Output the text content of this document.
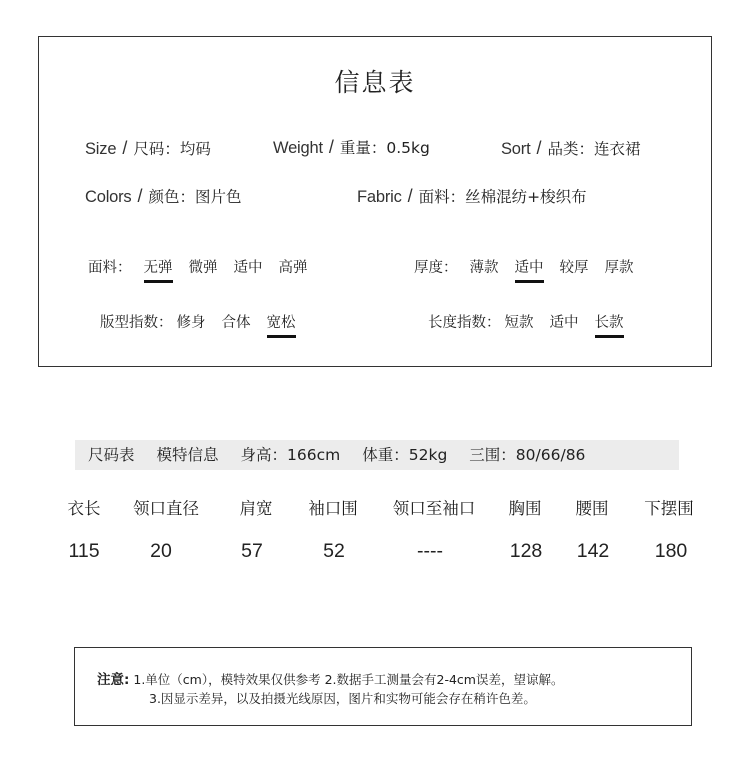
信息表
Size / 尺码：均码	Weight / 重量：0.5kg	Sort / 品类：连衣裙
Colors / 颜色：图片色	Fabric / 面料：丝棉混纺+梭织布
面料： 无弹 微弹 适中 高弹	厚度： 薄款 适中 较厚 厚款
版型指数： 修身 合体 宽松	长度指数： 短款 适中 长款
尺码表 模特信息 身高：166cm 体重：52kg 三围：80/66/86
衣长 领口直径 肩宽 袖口围 领口至袖口 胸围 腰围 下摆围
115	20	57	52	----	128 142 180
注意: 1.单位（cm），模特效果仅供参考 2.数据手工测量会有2-4cm误差，望谅解。
3.因显示差异，以及拍摄光线原因，图片和实物可能会存在稍许色差。
